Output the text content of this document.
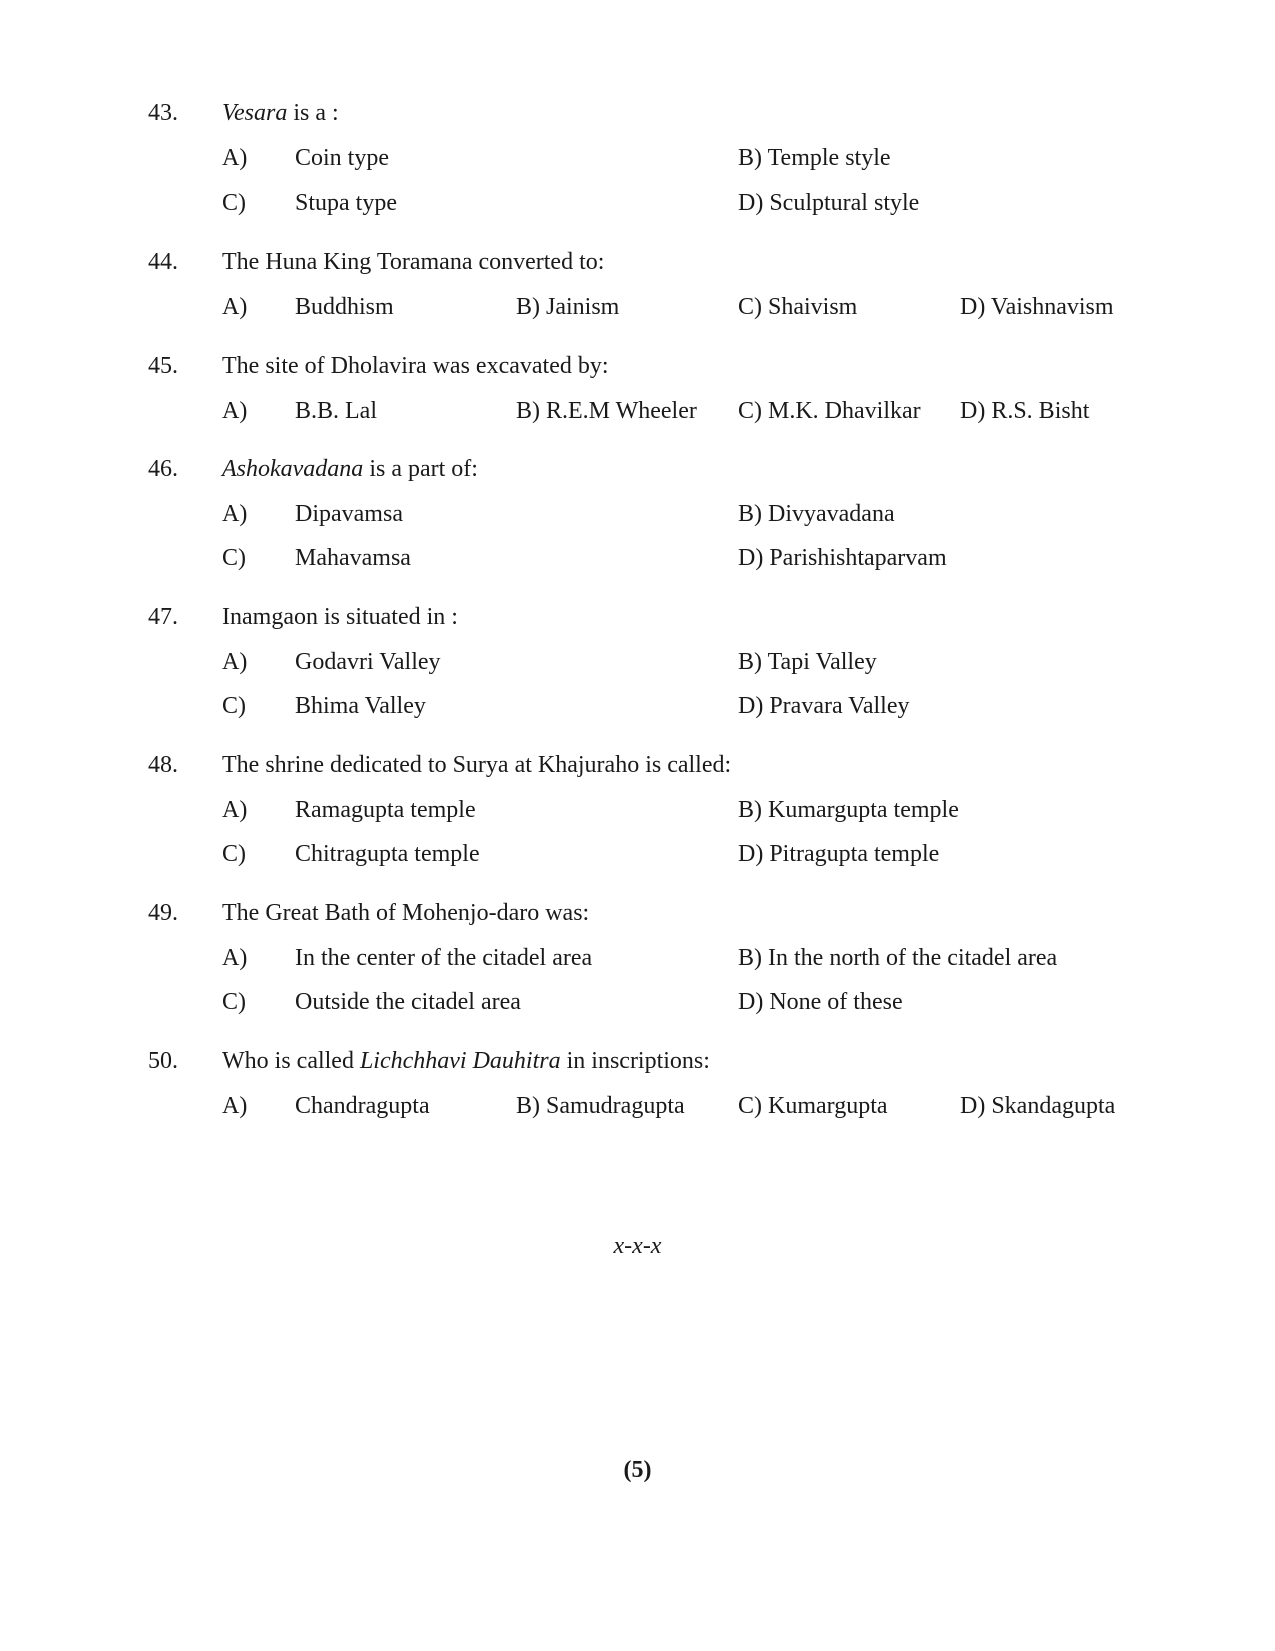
43. Vesara is a :
A) Coin type	B) Temple style
C) Stupa type	D) Sculptural style
44. The Huna King Toramana converted to:
A) Buddhism	B) Jainism	C) Shaivism	D) Vaishnavism
45. The site of Dholavira was excavated by:
A) B.B. Lal	B) R.E.M Wheeler C) M.K. Dhavilkar D) R.S. Bisht
46. Ashokavadana is a part of:
A) Dipavamsa	B) Divyavadana
C) Mahavamsa	D) Parishishtaparvam
47. Inamgaon is situated in :
A) Godavri Valley	B) Tapi Valley
C) Bhima Valley	D) Pravara Valley
48. The shrine dedicated to Surya at Khajuraho is called:
A) Ramagupta temple	B) Kumargupta temple
C) Chitragupta temple	D) Pitragupta temple
49. The Great Bath of Mohenjo-daro was:
A) In the center of the citadel area	B) In the north of the citadel area
C) Outside the citadel area	D) None of these
50. Who is called Lichchhavi Dauhitra in inscriptions:
A) Chandragupta	B) Samudragupta C) Kumargupta	D) Skandagupta
x-x-x
(5)
